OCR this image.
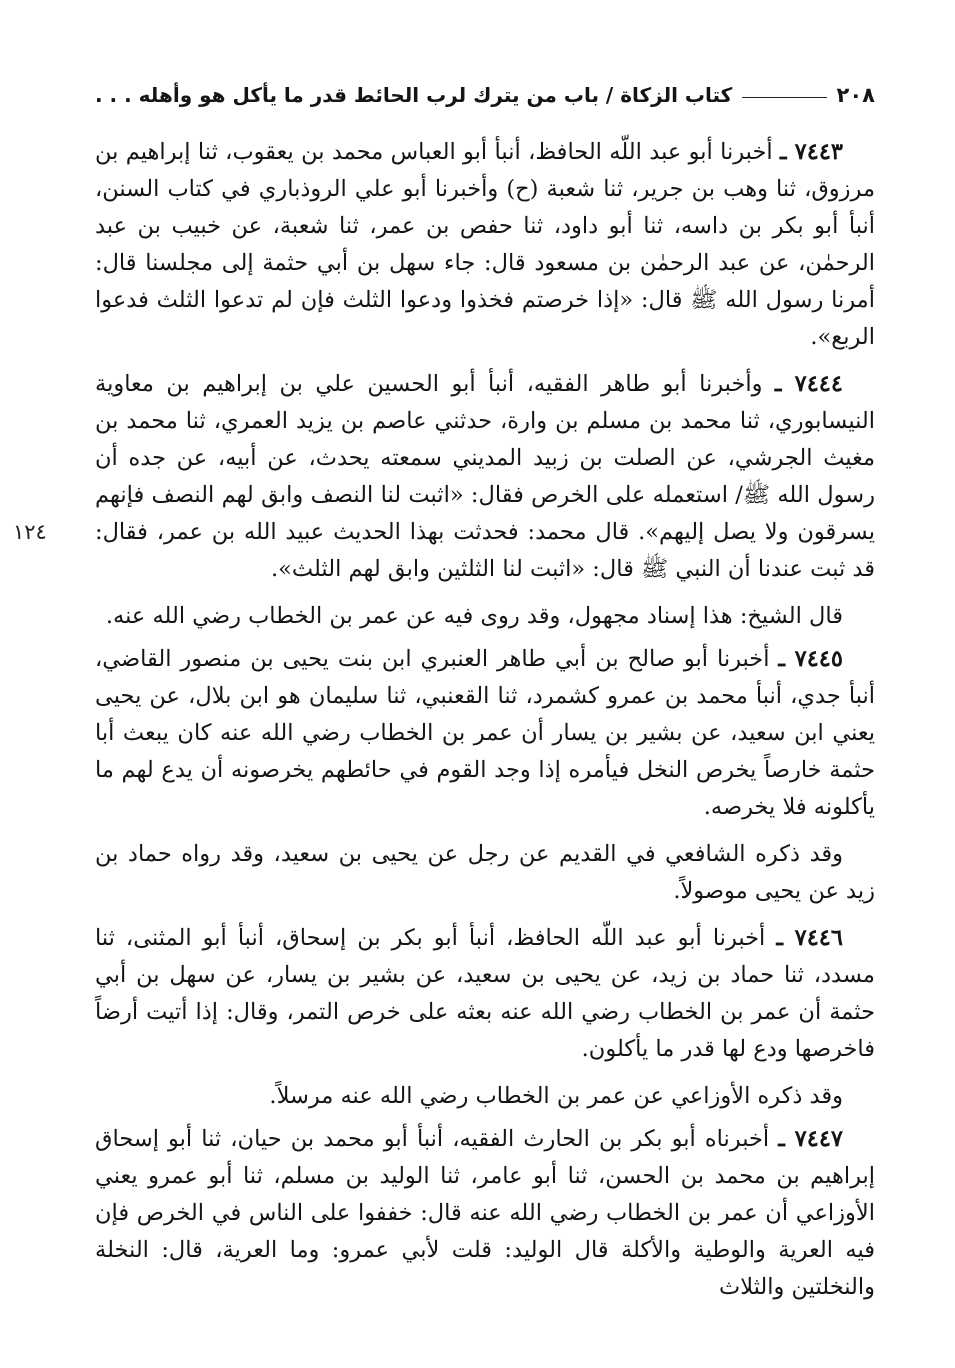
٢٠٨
كتاب الزكاة / باب من يترك لرب الحائط قدر ما يأكل هو وأهله . . .

٧٤٤٣ ـ أخبرنا أبو عبد اللّه الحافظ، أنبأ أبو العباس محمد بن يعقوب، ثنا إبراهيم بن مرزوق، ثنا وهب بن جرير، ثنا شعبة (ح) وأخبرنا أبو علي الروذباري في كتاب السنن، أنبأ أبو بكر بن داسه، ثنا أبو داود، ثنا حفص بن عمر، ثنا شعبة، عن خبيب بن عبد الرحمٰن، عن عبد الرحمٰن بن مسعود قال: جاء سهل بن أبي حثمة إلى مجلسنا قال: أمرنا رسول الله ﷺ قال: «إذا خرصتم فخذوا ودعوا الثلث فإن لم تدعوا الثلث فدعوا الربع».

١٢٤
٧٤٤٤ ـ وأخبرنا أبو طاهر الفقيه، أنبأ أبو الحسين علي بن إبراهيم بن معاوية النيسابوري، ثنا محمد بن مسلم بن وارة، حدثني عاصم بن يزيد العمري، ثنا محمد بن مغيث الجرشي، عن الصلت بن زبيد المديني سمعته يحدث، عن أبيه، عن جده أن رسول الله ﷺ/ استعمله على الخرص فقال: «اثبت لنا النصف وابق لهم النصف فإنهم يسرقون ولا يصل إليهم». قال محمد: فحدثت بهذا الحديث عبيد الله بن عمر، فقال: قد ثبت عندنا أن النبي ﷺ قال: «اثبت لنا الثلثين وابق لهم الثلث».

قال الشيخ: هذا إسناد مجهول، وقد روى فيه عن عمر بن الخطاب رضي الله عنه.

٧٤٤٥ ـ أخبرنا أبو صالح بن أبي طاهر العنبري ابن بنت يحيى بن منصور القاضي، أنبأ جدي، أنبأ محمد بن عمرو كشمرد، ثنا القعنبي، ثنا سليمان هو ابن بلال، عن يحيى يعني ابن سعيد، عن بشير بن يسار أن عمر بن الخطاب رضي الله عنه كان يبعث أبا حثمة خارصاً يخرص النخل فيأمره إذا وجد القوم في حائطهم يخرصونه أن يدع لهم ما يأكلونه فلا يخرصه.

وقد ذكره الشافعي في القديم عن رجل عن يحيى بن سعيد، وقد رواه حماد بن زيد عن يحيى موصولاً.

٧٤٤٦ ـ أخبرنا أبو عبد اللّه الحافظ، أنبأ أبو بكر بن إسحاق، أنبأ أبو المثنى، ثنا مسدد، ثنا حماد بن زيد، عن يحيى بن سعيد، عن بشير بن يسار، عن سهل بن أبي حثمة أن عمر بن الخطاب رضي الله عنه بعثه على خرص التمر، وقال: إذا أتيت أرضاً فاخرصها ودع لها قدر ما يأكلون.

وقد ذكره الأوزاعي عن عمر بن الخطاب رضي الله عنه مرسلاً.

٧٤٤٧ ـ أخبرناه أبو بكر بن الحارث الفقيه، أنبأ أبو محمد بن حيان، ثنا أبو إسحاق إبراهيم بن محمد بن الحسن، ثنا أبو عامر، ثنا الوليد بن مسلم، ثنا أبو عمرو يعني الأوزاعي أن عمر بن الخطاب رضي الله عنه قال: خففوا على الناس في الخرص فإن فيه العرية والوطية والأكلة قال الوليد: قلت لأبي عمرو: وما العرية، قال: النخلة والنخلتين والثلاث
